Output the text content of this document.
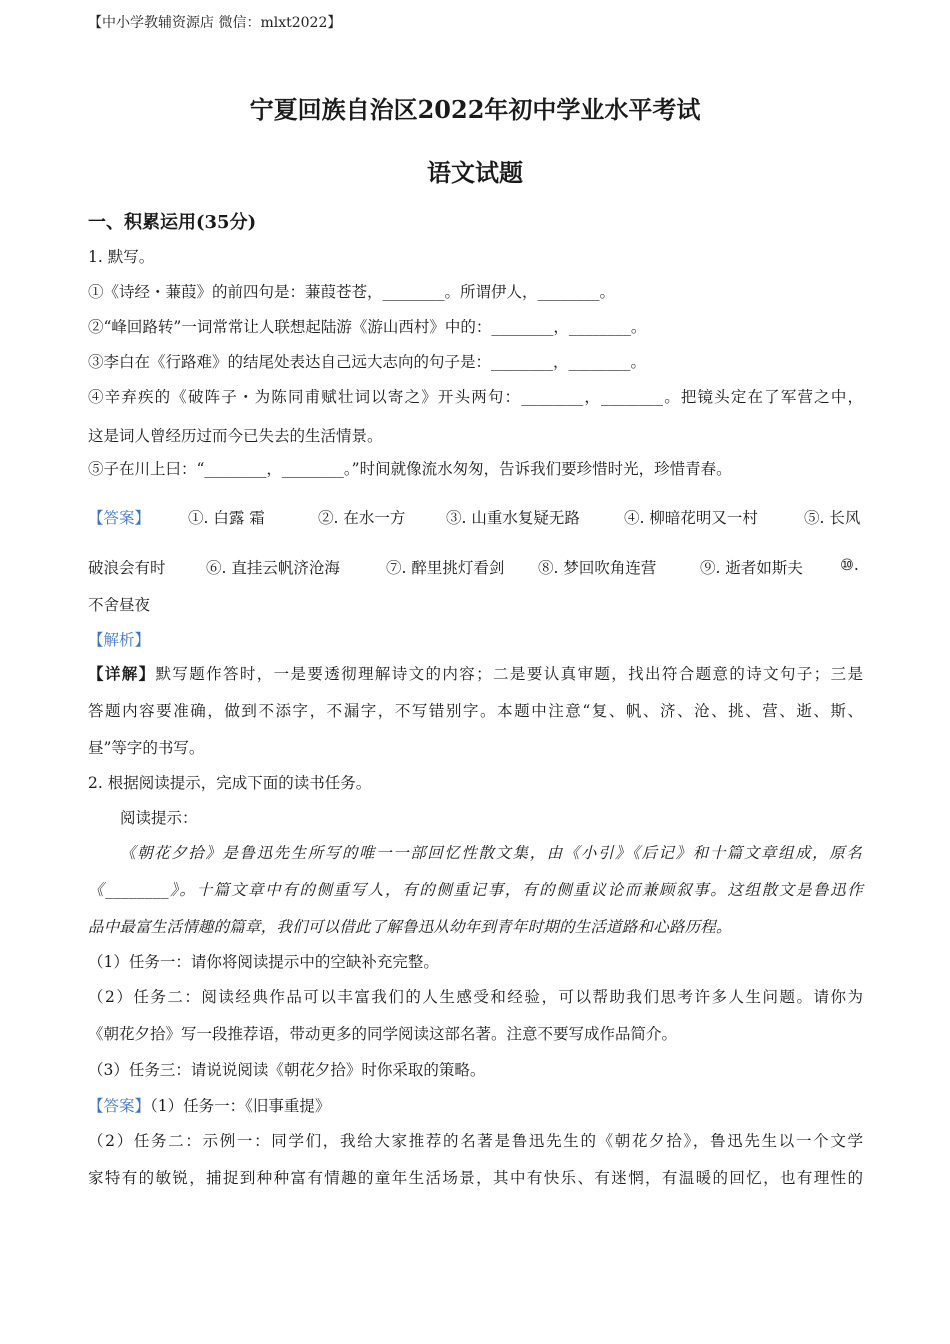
【中小学教辅资源店 微信：mlxt2022】
宁夏回族自治区2022年初中学业水平考试
语文试题
一、积累运用(35分)
1. 默写。
①《诗经・蒹葭》的前四句是：蒹葭苍苍，________。所谓伊人，________。
②“峰回路转”一词常常让人联想起陆游《游山西村》中的：________，________。
③李白在《行路难》的结尾处表达自己远大志向的句子是：________，________。
④辛弃疾的《破阵子・为陈同甫赋壮词以寄之》开头两句：________，________。把镜头定在了军营之中，
这是词人曾经历过而今已失去的生活情景。
⑤子在川上曰：“________，________。”时间就像流水匆匆，告诉我们要珍惜时光，珍惜青春。
【答案】 ①. 白露 霜	②. 在水一方	③. 山重水复疑无路	④. 柳暗花明又一村	⑤. 长风
破浪会有时	⑥. 直挂云帆济沧海	⑦. 醉里挑灯看剑 ⑧. 梦回吹角连营	⑨. 逝者如斯夫 ⑩.
不舍昼夜
【解析】
【详解】默写题作答时，一是要透彻理解诗文的内容；二是要认真审题，找出符合题意的诗文句子；三是
答题内容要准确，做到不添字，不漏字，不写错别字。本题中注意“复、帆、济、沧、挑、营、逝、斯、
昼”等字的书写。
2. 根据阅读提示，完成下面的读书任务。
阅读提示：
《朝花夕拾》是鲁迅先生所写的唯一一部回忆性散文集，由《小引》《后记》和十篇文章组成，原名
《________》。十篇文章中有的侧重写人，有的侧重记事，有的侧重议论而兼顾叙事。这组散文是鲁迅作
品中最富生活情趣的篇章，我们可以借此了解鲁迅从幼年到青年时期的生活道路和心路历程。
（1）任务一：请你将阅读提示中的空缺补充完整。
（2）任务二：阅读经典作品可以丰富我们的人生感受和经验，可以帮助我们思考许多人生问题。请你为
《朝花夕拾》写一段推荐语，带动更多的同学阅读这部名著。注意不要写成作品简介。
（3）任务三：请说说阅读《朝花夕拾》时你采取的策略。
【答案】（1）任务一：《旧事重提》
（2）任务二：示例一：同学们，我给大家推荐的名著是鲁迅先生的《朝花夕拾》，鲁迅先生以一个文学
家特有的敏锐，捕捉到种种富有情趣的童年生活场景，其中有快乐、有迷惘，有温暖的回忆，也有理性的
